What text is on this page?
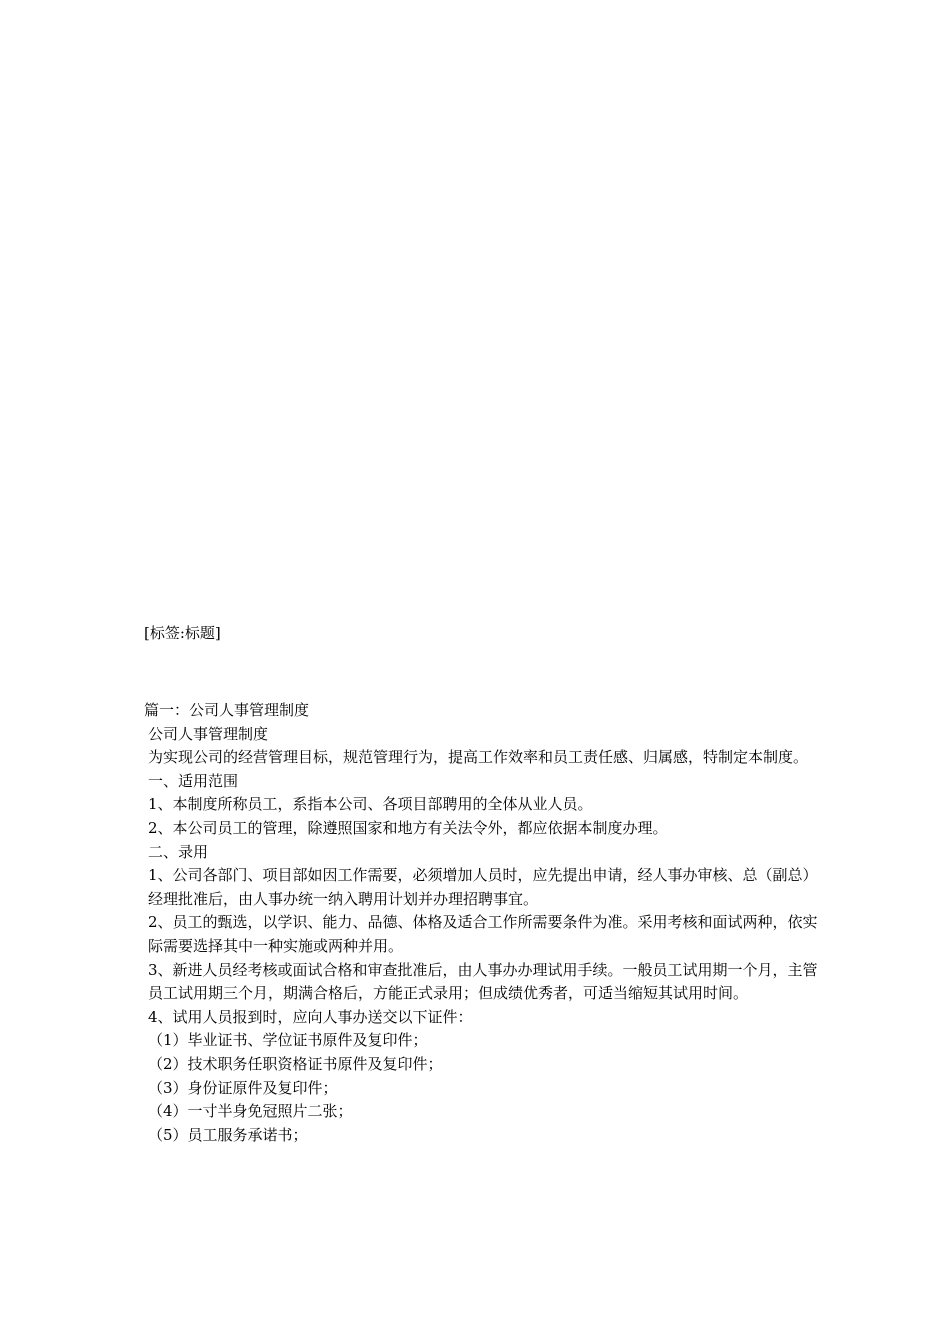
[标签:标题]

篇一：公司人事管理制度

公司人事管理制度

为实现公司的经营管理目标，规范管理行为，提高工作效率和员工责任感、归属感，特制定本制度。

一、适用范围

1、本制度所称员工，系指本公司、各项目部聘用的全体从业人员。

2、本公司员工的管理，除遵照国家和地方有关法令外，都应依据本制度办理。

二、录用

1、公司各部门、项目部如因工作需要，必须增加人员时，应先提出申请，经人事办审核、总（副总）经理批准后，由人事办统一纳入聘用计划并办理招聘事宜。

2、员工的甄选，以学识、能力、品德、体格及适合工作所需要条件为准。采用考核和面试两种，依实际需要选择其中一种实施或两种并用。

3、新进人员经考核或面试合格和审查批准后，由人事办办理试用手续。一般员工试用期一个月，主管员工试用期三个月，期满合格后，方能正式录用；但成绩优秀者，可适当缩短其试用时间。

4、试用人员报到时，应向人事办送交以下证件：

（1）毕业证书、学位证书原件及复印件；

（2）技术职务任职资格证书原件及复印件；

（3）身份证原件及复印件；

（4）一寸半身免冠照片二张；

（5）员工服务承诺书；
